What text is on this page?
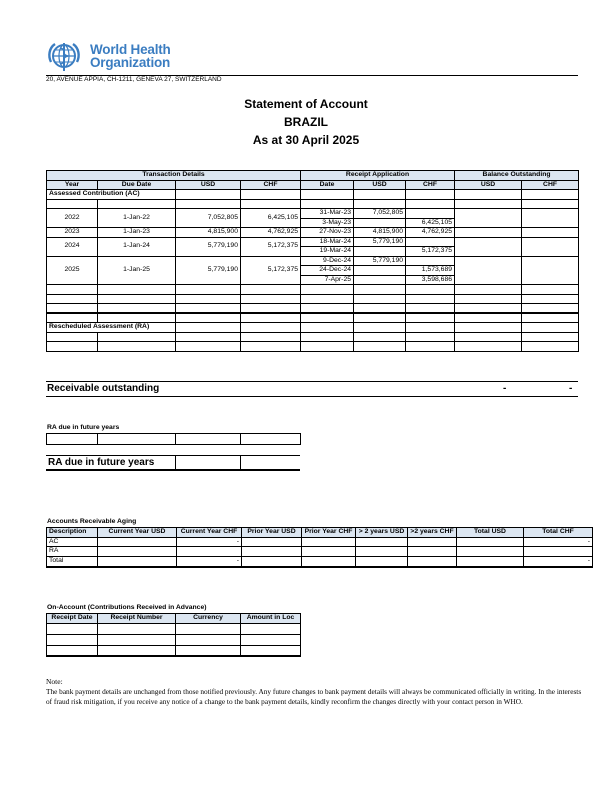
World Health
Organization
20, AVENUE APPIA, CH-1211, GENEVA 27, SWITZERLAND
Statement of Account
BRAZIL
As at 30 April 2025
Transaction Details				Receipt Application			Balance Outstanding	
Year	Due Date	USD	CHF	Date	USD	CHF	USD	CHF
Assessed Contribution (AC)								

2022	1-Jan-22	7,052,805	6,425,105	31-Mar-23	7,052,805			
				3-May-23		6,425,105		
2023	1-Jan-23	4,815,900	4,762,925	27-Nov-23	4,815,900	4,762,925		
2024	1-Jan-24	5,779,190	5,172,375	18-Mar-24	5,779,190			
				19-Mar-24		5,172,375		
2025	1-Jan-25	5,779,190	5,172,375	9-Dec-24	5,779,190			
				24-Dec-24		1,573,689		
				7-Apr-25		3,598,686		

Rescheduled Assessment (RA)								

Receivable outstanding	-	-
RA due in future years

RA due in future years		
Accounts Receivable Aging
Description	Current Year USD	Current Year CHF	Prior Year USD	Prior Year CHF	> 2 years USD	>2 years CHF	Total USD	Total CHF
AC		-						-
RA								
Total		-						-
On-Account (Contributions Received in Advance)
Receipt Date	Receipt Number	Currency	Amount in Loc

Note:
The bank payment details are unchanged from those notified previously. Any future changes to bank payment details will always be communicated officially in writing. In the interests of fraud risk mitigation, if you receive any notice of a change to the bank payment details, kindly reconfirm the changes directly with your contact person in WHO.
